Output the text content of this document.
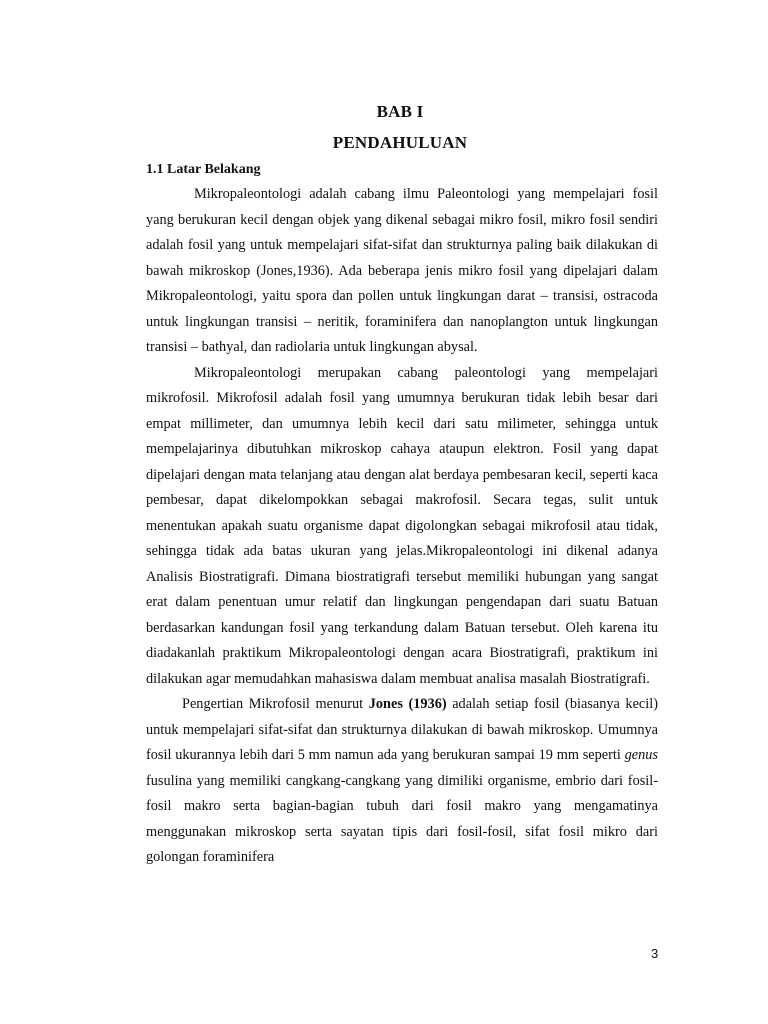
BAB I
PENDAHULUAN
1.1 Latar Belakang

Mikropaleontologi adalah cabang ilmu Paleontologi yang mempelajari fosil yang berukuran kecil dengan objek yang dikenal sebagai mikro fosil, mikro fosil sendiri adalah fosil yang untuk mempelajari sifat-sifat dan strukturnya paling baik dilakukan di bawah mikroskop (Jones,1936). Ada beberapa jenis mikro fosil yang dipelajari dalam Mikropaleontologi, yaitu spora dan pollen untuk lingkungan darat – transisi, ostracoda untuk lingkungan transisi – neritik, foraminifera dan nanoplangton untuk lingkungan transisi – bathyal, dan radiolaria untuk lingkungan abysal.

Mikropaleontologi merupakan cabang paleontologi yang mempelajari mikrofosil. Mikrofosil adalah fosil yang umumnya berukuran tidak lebih besar dari empat millimeter, dan umumnya lebih kecil dari satu milimeter, sehingga untuk mempelajarinya dibutuhkan mikroskop cahaya ataupun elektron. Fosil yang dapat dipelajari dengan mata telanjang atau dengan alat berdaya pembesaran kecil, seperti kaca pembesar, dapat dikelompokkan sebagai makrofosil. Secara tegas, sulit untuk menentukan apakah suatu organisme dapat digolongkan sebagai mikrofosil atau tidak, sehingga tidak ada batas ukuran yang jelas.Mikropaleontologi ini dikenal adanya Analisis Biostratigrafi. Dimana biostratigrafi tersebut memiliki hubungan yang sangat erat dalam penentuan umur relatif dan lingkungan pengendapan dari suatu Batuan berdasarkan kandungan fosil yang terkandung dalam Batuan tersebut. Oleh karena itu diadakanlah praktikum Mikropaleontologi dengan acara Biostratigrafi, praktikum ini dilakukan agar memudahkan mahasiswa dalam membuat analisa masalah Biostratigrafi.

Pengertian Mikrofosil menurut Jones (1936) adalah setiap fosil (biasanya kecil) untuk mempelajari sifat-sifat dan strukturnya dilakukan di bawah mikroskop. Umumnya fosil ukurannya lebih dari 5 mm namun ada yang berukuran sampai 19 mm seperti genus fusulina yang memiliki cangkang-cangkang yang dimiliki organisme, embrio dari fosil-fosil makro serta bagian-bagian tubuh dari fosil makro yang mengamatinya menggunakan mikroskop serta sayatan tipis dari fosil-fosil, sifat fosil mikro dari golongan foraminifera

3
